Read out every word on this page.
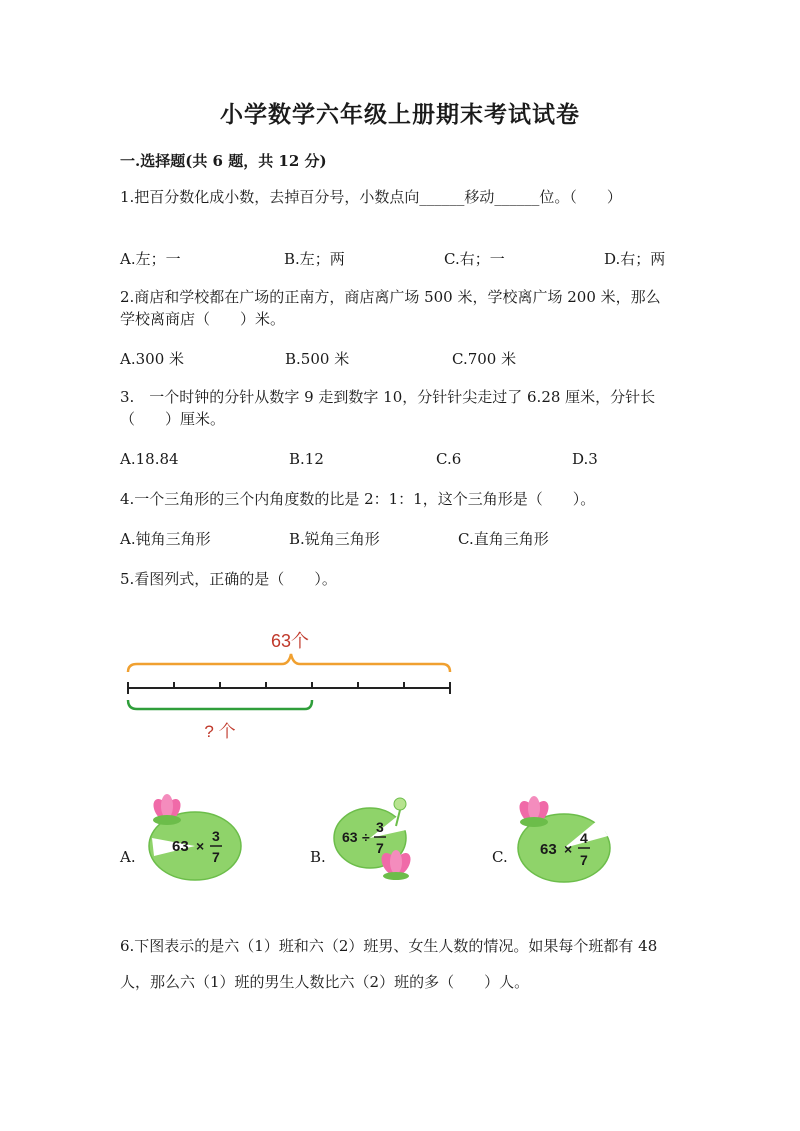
小学数学六年级上册期末考试试卷
一.选择题(共 6 题，共 12 分)
1.把百分数化成小数，去掉百分号，小数点向______移动______位。（　　）
A.左；一	B.左；两	C.右；一	D.右；两
2.商店和学校都在广场的正南方，商店离广场 500 米，学校离广场 200 米，那么学校离商店（　　）米。
A.300 米	B.500 米	C.700 米
3.　一个时钟的分针从数字 9 走到数字 10，分针针尖走过了 6.28 厘米，分针长（　　）厘米。
A.18.84	B.12	C.6	D.3
4.一个三角形的三个内角度数的比是 2：1：1，这个三角形是（　　）。
A.钝角三角形	B.锐角三角形	C.直角三角形
5.看图列式，正确的是（　　）。
63个
? 个
A.
63 ×
3
7	B.
63 ÷
3
7	C. 63 ×
4
7
6.下图表示的是六（1）班和六（2）班男、女生人数的情况。如果每个班都有 48 人，那么六（1）班的男生人数比六（2）班的多（　　）人。
